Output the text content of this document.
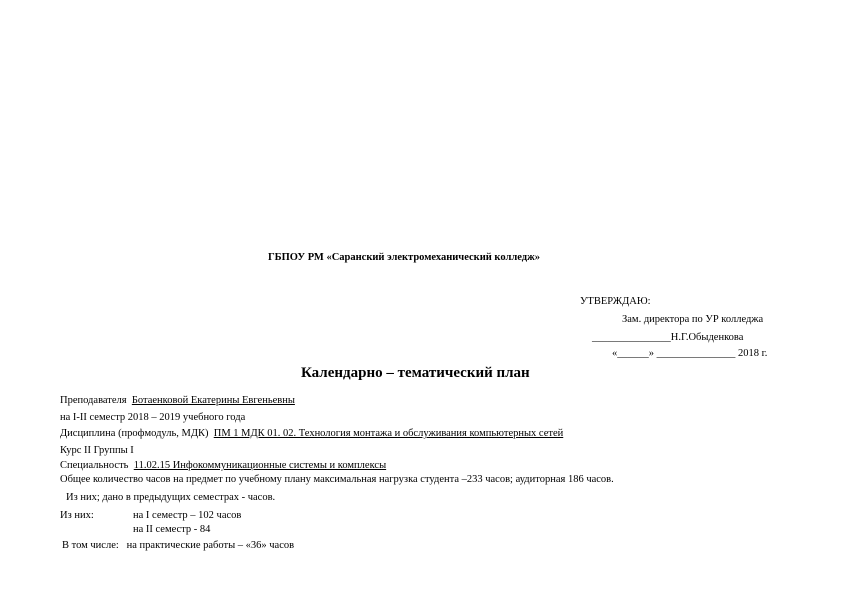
ГБПОУ РМ «Саранский электромеханический колледж»
УТВЕРЖДАЮ:
Зам. директора по УР колледжа
_______________Н.Г.Обыденкова
«______» _______________ 2018 г.
Календарно – тематический план
Преподавателя Ботаенковой Екатерины Евгеньевны
на I-II семестр 2018 – 2019 учебного года
Дисциплина (профмодуль, МДК) ПМ 1 МДК 01. 02. Технология монтажа и обслуживания компьютерных сетей
Курс II Группы I
Специальность 11.02.15 Инфокоммуникационные системы и комплексы
Общее количество часов на предмет по учебному плану максимальная нагрузка студента –233 часов; аудиторная 186 часов.
Из них; дано в предыдущих семестрах - часов.
Из них:	на I семестр – 102 часов
на II семестр - 84
В том числе: на практические работы – «36» часов
